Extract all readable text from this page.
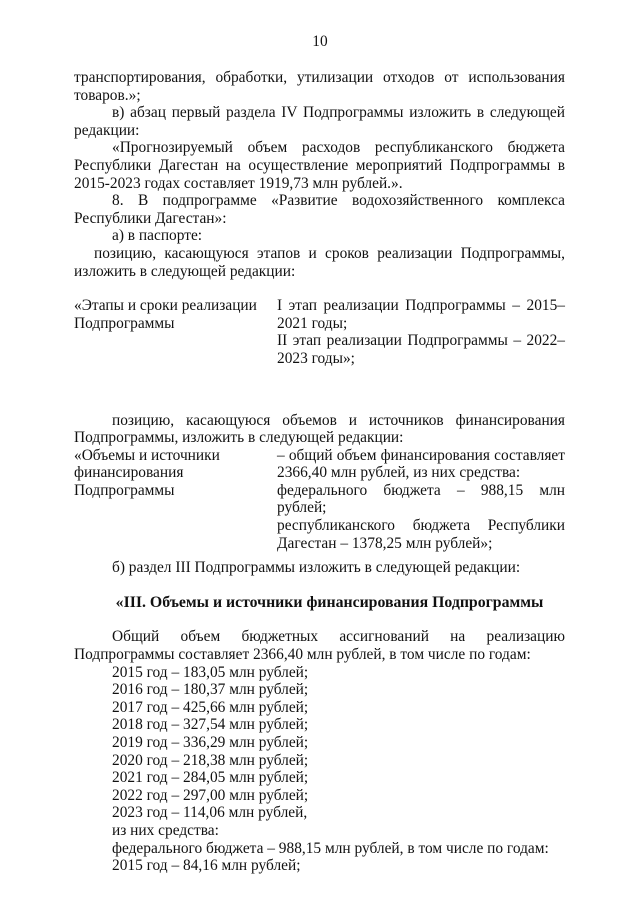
10

транспортирования, обработки, утилизации отходов от использования товаров.»;

в) абзац первый раздела IV Подпрограммы изложить в следующей редакции:

«Прогнозируемый объем расходов республиканского бюджета Республики Дагестан на осуществление мероприятий Подпрограммы в 2015-2023 годах составляет 1919,73 млн рублей.».

8. В подпрограмме «Развитие водохозяйственного комплекса Республики Дагестан»:

а) в паспорте:

позицию, касающуюся этапов и сроков реализации Подпрограммы, изложить в следующей редакции:

«Этапы и сроки реализации Подпрограммы

I этап реализации Подпрограммы – 2015–2021 годы;

II этап реализации Подпрограммы – 2022–2023 годы»;

позицию, касающуюся объемов и источников финансирования Подпрограммы, изложить в следующей редакции:

«Объемы и источники финансирования Подпрограммы

– общий объем финансирования составляет 2366,40 млн рублей, из них средства:

федерального бюджета – 988,15 млн рублей;

республиканского бюджета Республики Дагестан – 1378,25 млн рублей»;

б) раздел III Подпрограммы изложить в следующей редакции:

«III. Объемы и источники финансирования Подпрограммы

Общий объем бюджетных ассигнований на реализацию Подпрограммы составляет 2366,40 млн рублей, в том числе по годам:

2015 год – 183,05 млн рублей;

2016 год – 180,37 млн рублей;

2017 год – 425,66 млн рублей;

2018 год – 327,54 млн рублей;

2019 год – 336,29 млн рублей;

2020 год – 218,38 млн рублей;

2021 год – 284,05 млн рублей;

2022 год – 297,00 млн рублей;

2023 год – 114,06 млн рублей,

из них средства:

федерального бюджета – 988,15 млн рублей, в том числе по годам:

2015 год – 84,16 млн рублей;
